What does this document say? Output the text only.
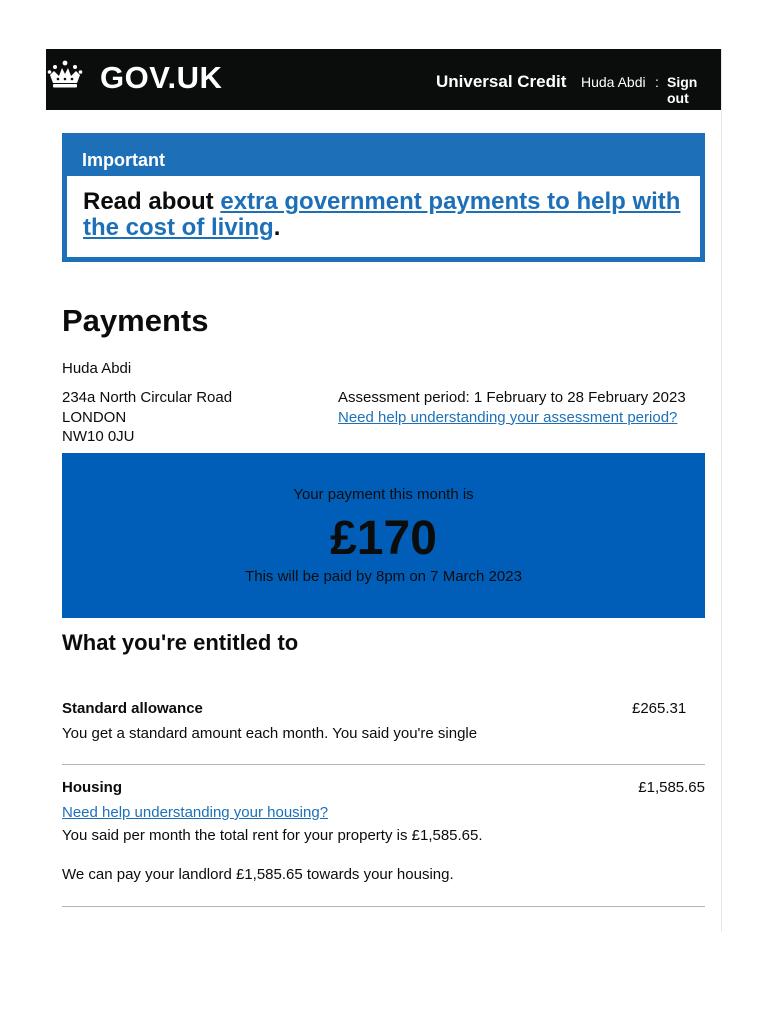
GOV.UK	Universal Credit Huda Abdi : Sign out
Important

Read about extra government payments to help with the cost of living.

Payments
Huda Abdi
234a North Circular Road
LONDON
NW10 0JU
Assessment period: 1 February to 28 February 2023
Need help understanding your assessment period?
Your payment this month is
£170
This will be paid by 8pm on 7 March 2023
What you're entitled to
Standard allowance	£265.31
You get a standard amount each month. You said you're single
Housing	£1,585.65
Need help understanding your housing?
You said per month the total rent for your property is £1,585.65.
We can pay your landlord £1,585.65 towards your housing.
